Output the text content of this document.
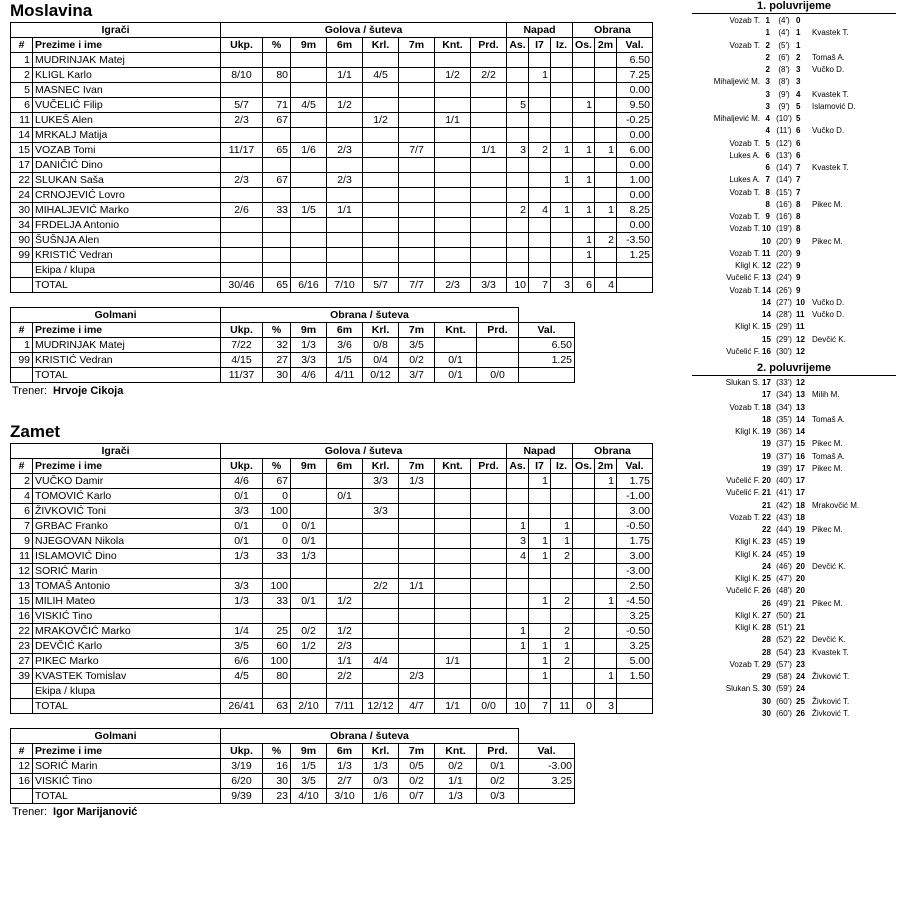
Moslavina
Igrači		Golova / šuteva								Napad			Obrana		
#	Prezime i ime	Ukp.	%	9m	6m	Krl.	7m	Knt.	Prd.	As.	I7	Iz.	Os.	2m	Val.
1	MUDRINJAK Matej														6.50
2	KLIGL Karlo	8/10	80		1/1	4/5		1/2	2/2		1				7.25
5	MASNEC Ivan														0.00
6	VUČELIĆ Filip	5/7	71	4/5	1/2					5			1		9.50
11	LUKEŠ Alen	2/3	67			1/2		1/1							-0.25
14	MRKALJ Matija														0.00
15	VOZAB Tomi	11/17	65	1/6	2/3		7/7		1/1	3	2	1	1	1	6.00
17	DANIČIĆ Dino														0.00
22	SLUKAN Saša	2/3	67		2/3							1	1		1.00
24	CRNOJEVIĆ Lovro														0.00
30	MIHALJEVIĆ Marko	2/6	33	1/5	1/1					2	4	1	1	1	8.25
34	FRDELJA Antonio														0.00
90	ŠUŠNJA Alen												1	2	-3.50
99	KRISTIĆ Vedran												1		1.25
	Ekipa / klupa														
	TOTAL	30/46	65	6/16	7/10	5/7	7/7	2/3	3/3	10	7	3	6	4	
Golmani		Obrana / šuteva								
#	Prezime i ime	Ukp.	%	9m	6m	Krl.	7m	Knt.	Prd.	Val.
1	MUDRINJAK Matej	7/22	32	1/3	3/6	0/8	3/5			6.50
99	KRISTIĆ Vedran	4/15	27	3/3	1/5	0/4	0/2	0/1		1.25
	TOTAL	11/37	30	4/6	4/11	0/12	3/7	0/1	0/0	
Trener: Hrvoje Cikoja
Zamet
Igrači		Golova / šuteva								Napad			Obrana		
#	Prezime i ime	Ukp.	%	9m	6m	Krl.	7m	Knt.	Prd.	As.	I7	Iz.	Os.	2m	Val.
2	VUČKO Damir	4/6	67			3/3	1/3				1			1	1.75
4	TOMOVIĆ Karlo	0/1	0		0/1										-1.00
6	ŽIVKOVIĆ Toni	3/3	100			3/3									3.00
7	GRBAC Franko	0/1	0	0/1						1		1			-0.50
9	NJEGOVAN Nikola	0/1	0	0/1						3	1	1			1.75
11	ISLAMOVIĆ Dino	1/3	33	1/3						4	1	2			3.00
12	SORIĆ Marin														-3.00
13	TOMAŠ Antonio	3/3	100			2/2	1/1								2.50
15	MILIH Mateo	1/3	33	0/1	1/2						1	2		1	-4.50
16	VISKIĆ Tino														3.25
22	MRAKOVČIĆ Marko	1/4	25	0/2	1/2					1		2			-0.50
23	DEVČIĆ Karlo	3/5	60	1/2	2/3					1	1	1			3.25
27	PIKEC Marko	6/6	100		1/1	4/4		1/1			1	2			5.00
39	KVASTEK Tomislav	4/5	80		2/2		2/3				1			1	1.50
	Ekipa / klupa														
	TOTAL	26/41	63	2/10	7/11	12/12	4/7	1/1	0/0	10	7	11	0	3	
Golmani		Obrana / šuteva								
#	Prezime i ime	Ukp.	%	9m	6m	Krl.	7m	Knt.	Prd.	Val.
12	SORIĆ Marin	3/19	16	1/5	1/3	1/3	0/5	0/2	0/1	-3.00
16	VISKIĆ Tino	6/20	30	3/5	2/7	0/3	0/2	1/1	0/2	3.25
	TOTAL	9/39	23	4/10	3/10	1/6	0/7	1/3	0/3	
Trener: Igor Marijanović
1. poluvrijeme
Vozab T. 1	(4') 0
1	(4') 1	Kvastek T.
Vozab T. 2	(5') 1
2	(6') 2	Tomaš A.
2	(8') 3	Vučko D.
Mihaljević M. 3	(8') 3
3	(9') 4	Kvastek T.
3	(9') 5	Islamović D.
Mihaljević M. 4 (10') 5
4 (11') 6	Vučko D.
Vozab T. 5 (12') 6
Lukes A. 6 (13') 6
6 (14') 7	Kvastek T.
Lukes A. 7 (14') 7
Vozab T. 8 (15') 7
8 (16') 8	Pikec M.
Vozab T. 9 (16') 8
Vozab T. 10 (19') 8
10 (20') 9	Pikec M.
Vozab T. 11 (20') 9
Kligl K. 12 (22') 9
Vučelić F. 13 (24') 9
Vozab T. 14 (26') 9
14 (27') 10 Vučko D.
14 (28') 11 Vučko D.
Kligl K. 15 (29') 11
15 (29') 12 Devčić K.
Vučelić F. 16 (30') 12
2. poluvrijeme
Slukan S. 17 (33') 12
17 (34') 13 Milih M.
Vozab T. 18 (34') 13
18 (35') 14 Tomaš A.
Kligl K. 19 (36') 14
19 (37') 15 Pikec M.
19 (37') 16 Tomaš A.
19 (39') 17 Pikec M.
Vučelić F. 20 (40') 17
Vučelić F. 21 (41') 17
21 (42') 18 Mrakovčić M.
Vozab T. 22 (43') 18
22 (44') 19 Pikec M.
Kligl K. 23 (45') 19
Kligl K. 24 (45') 19
24 (46') 20 Devčić K.
Kligl K. 25 (47') 20
Vučelić F. 26 (48') 20
26 (49') 21 Pikec M.
Kligl K. 27 (50') 21
Kligl K. 28 (51') 21
28 (52') 22 Devčić K.
28 (54') 23 Kvastek T.
Vozab T. 29 (57') 23
29 (58') 24 Živković T.
Slukan S. 30 (59') 24
30 (60') 25 Živković T.
30 (60') 26 Živković T.
